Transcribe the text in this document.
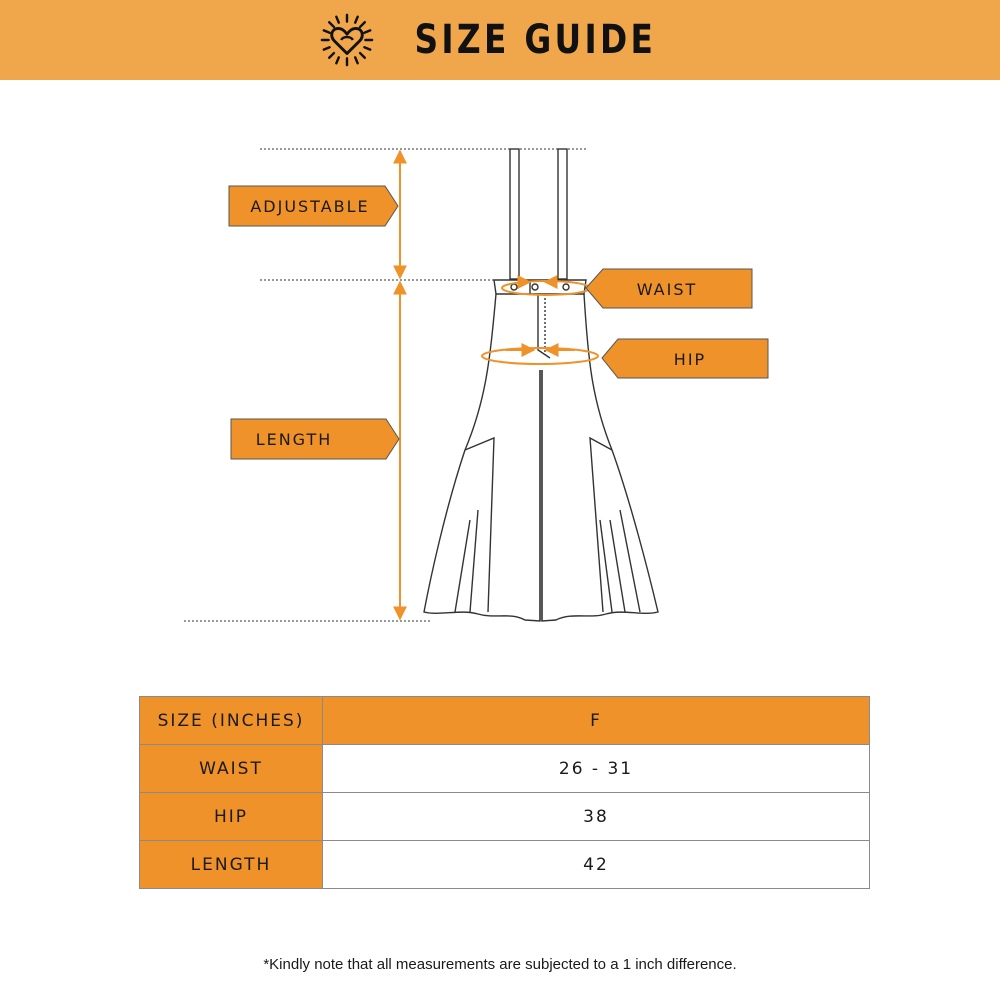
SIZE GUIDE
ADJUSTABLE
LENGTH
WAIST
HIP
SIZE (INCHES)	F
WAIST	26 - 31
HIP	38
LENGTH	42
*Kindly note that all measurements are subjected to a 1 inch difference.
